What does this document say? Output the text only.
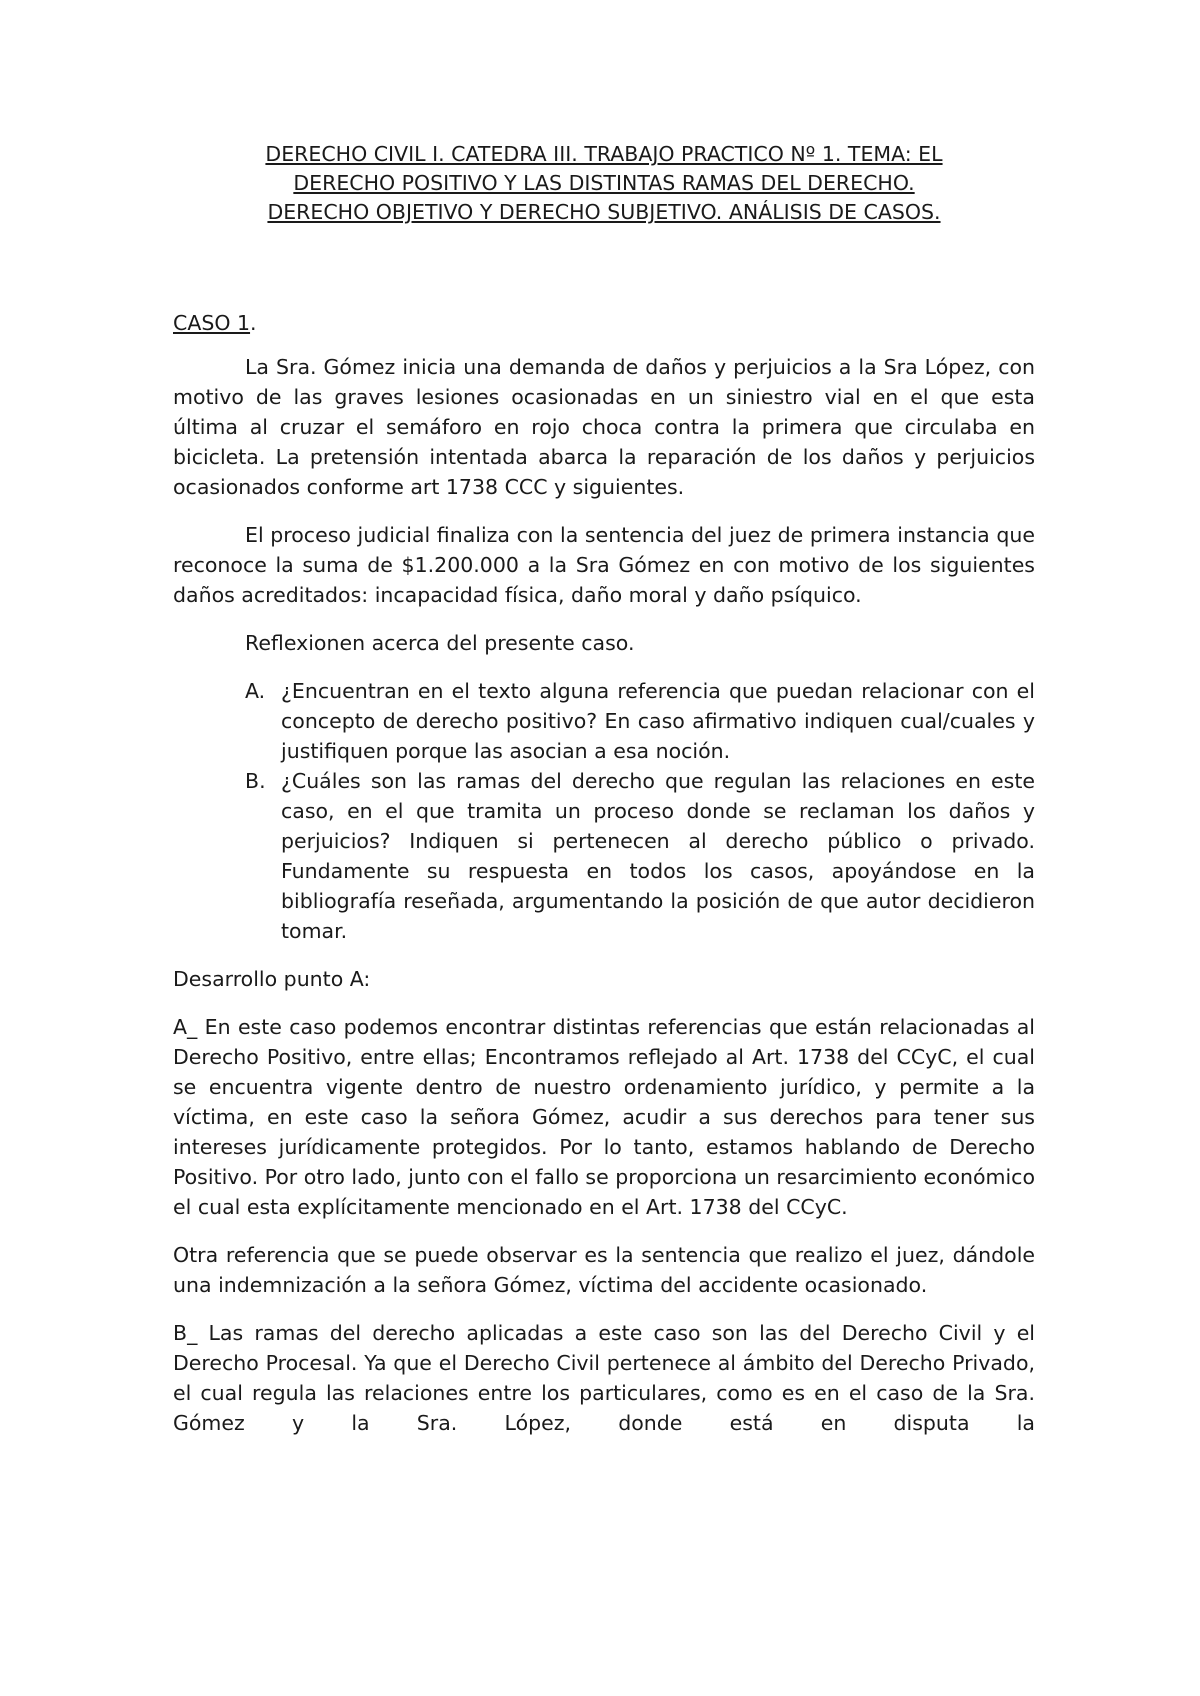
DERECHO CIVIL I. CATEDRA III. TRABAJO PRACTICO Nº 1. TEMA: EL
DERECHO POSITIVO Y LAS DISTINTAS RAMAS DEL DERECHO.
DERECHO OBJETIVO Y DERECHO SUBJETIVO. ANÁLISIS DE CASOS.
CASO 1.

La Sra. Gómez inicia una demanda de daños y perjuicios a la Sra López, con motivo de las graves lesiones ocasionadas en un siniestro vial en el que esta última al cruzar el semáforo en rojo choca contra la primera que circulaba en bicicleta. La pretensión intentada abarca la reparación de los daños y perjuicios ocasionados conforme art 1738 CCC y siguientes.

El proceso judicial finaliza con la sentencia del juez de primera instancia que reconoce la suma de $1.200.000 a la Sra Gómez en con motivo de los siguientes daños acreditados: incapacidad física, daño moral y daño psíquico.

Reflexionen acerca del presente caso.

A. ¿Encuentran en el texto alguna referencia que puedan relacionar con el concepto de derecho positivo? En caso afirmativo indiquen cual/cuales y justifiquen porque las asocian a esa noción.
B. ¿Cuáles son las ramas del derecho que regulan las relaciones en este caso, en el que tramita un proceso donde se reclaman los daños y perjuicios? Indiquen si pertenecen al derecho público o privado. Fundamente su respuesta en todos los casos, apoyándose en la bibliografía reseñada, argumentando la posición de que autor decidieron tomar.

Desarrollo punto A:

A_ En este caso podemos encontrar distintas referencias que están relacionadas al Derecho Positivo, entre ellas; Encontramos reflejado al Art. 1738 del CCyC, el cual se encuentra vigente dentro de nuestro ordenamiento jurídico, y permite a la víctima, en este caso la señora Gómez, acudir a sus derechos para tener sus intereses jurídicamente protegidos. Por lo tanto, estamos hablando de Derecho Positivo. Por otro lado, junto con el fallo se proporciona un resarcimiento económico el cual esta explícitamente mencionado en el Art. 1738 del CCyC.

Otra referencia que se puede observar es la sentencia que realizo el juez, dándole una indemnización a la señora Gómez, víctima del accidente ocasionado.

B_ Las ramas del derecho aplicadas a este caso son las del Derecho Civil y el Derecho Procesal. Ya que el Derecho Civil pertenece al ámbito del Derecho Privado, el cual regula las relaciones entre los particulares, como es en el caso de la Sra. Gómez y la Sra. López, donde está en disputa la
